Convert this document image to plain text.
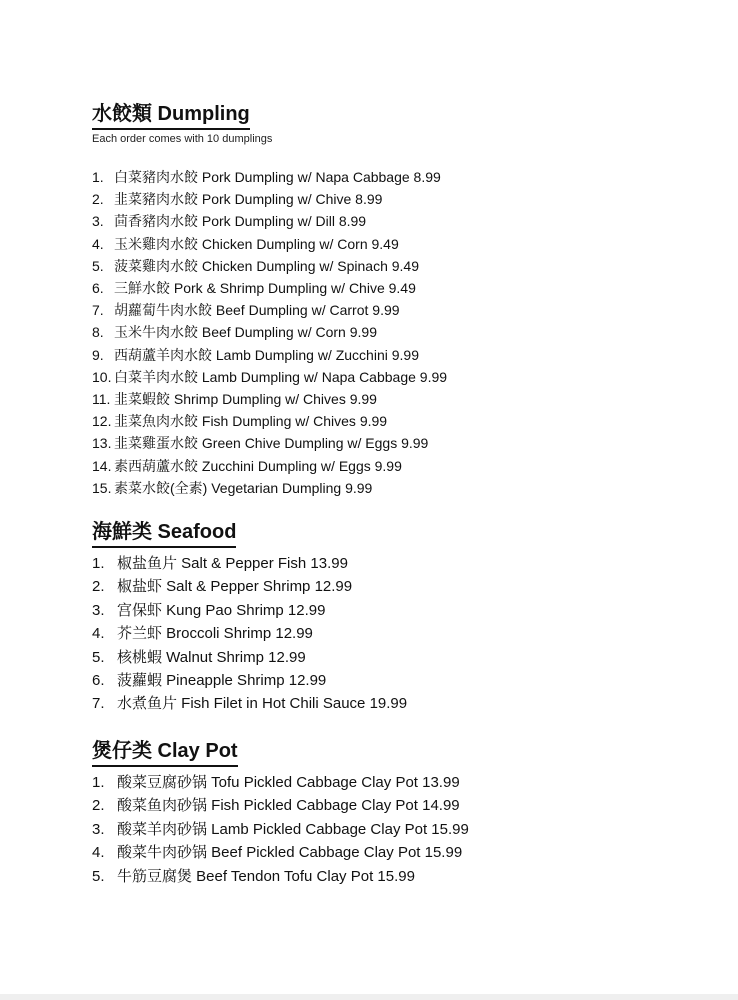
水餃類 Dumpling
Each order comes with 10 dumplings
1. 白菜豬肉水餃 Pork Dumpling w/ Napa Cabbage 8.99
2. 韭菜豬肉水餃 Pork Dumpling w/ Chive 8.99
3. 茴香豬肉水餃 Pork Dumpling w/ Dill 8.99
4. 玉米雞肉水餃 Chicken Dumpling w/ Corn 9.49
5. 菠菜雞肉水餃 Chicken Dumpling w/ Spinach 9.49
6. 三鮮水餃 Pork & Shrimp Dumpling w/ Chive 9.49
7. 胡蘿蔔牛肉水餃 Beef Dumpling w/ Carrot 9.99
8. 玉米牛肉水餃 Beef Dumpling w/ Corn 9.99
9. 西葫蘆羊肉水餃 Lamb Dumpling w/ Zucchini 9.99
10. 白菜羊肉水餃 Lamb Dumpling w/ Napa Cabbage 9.99
11. 韭菜蝦餃 Shrimp Dumpling w/ Chives 9.99
12. 韭菜魚肉水餃 Fish Dumpling w/ Chives 9.99
13. 韭菜雞蛋水餃 Green Chive Dumpling w/ Eggs 9.99
14. 素西葫蘆水餃 Zucchini Dumpling w/ Eggs 9.99
15. 素菜水餃(全素) Vegetarian Dumpling 9.99
海鮮类 Seafood
1. 椒盐鱼片 Salt & Pepper Fish 13.99
2. 椒盐虾 Salt & Pepper Shrimp 12.99
3. 宫保虾 Kung Pao Shrimp 12.99
4. 芥兰虾 Broccoli Shrimp 12.99
5. 核桃蝦 Walnut Shrimp 12.99
6. 菠蘿蝦 Pineapple Shrimp 12.99
7. 水煮鱼片 Fish Filet in Hot Chili Sauce 19.99
煲仔类 Clay Pot
1. 酸菜豆腐砂锅 Tofu Pickled Cabbage Clay Pot 13.99
2. 酸菜鱼肉砂锅 Fish Pickled Cabbage Clay Pot 14.99
3. 酸菜羊肉砂锅 Lamb Pickled Cabbage Clay Pot 15.99
4. 酸菜牛肉砂锅 Beef Pickled Cabbage Clay Pot 15.99
5. 牛筋豆腐煲 Beef Tendon Tofu Clay Pot 15.99
